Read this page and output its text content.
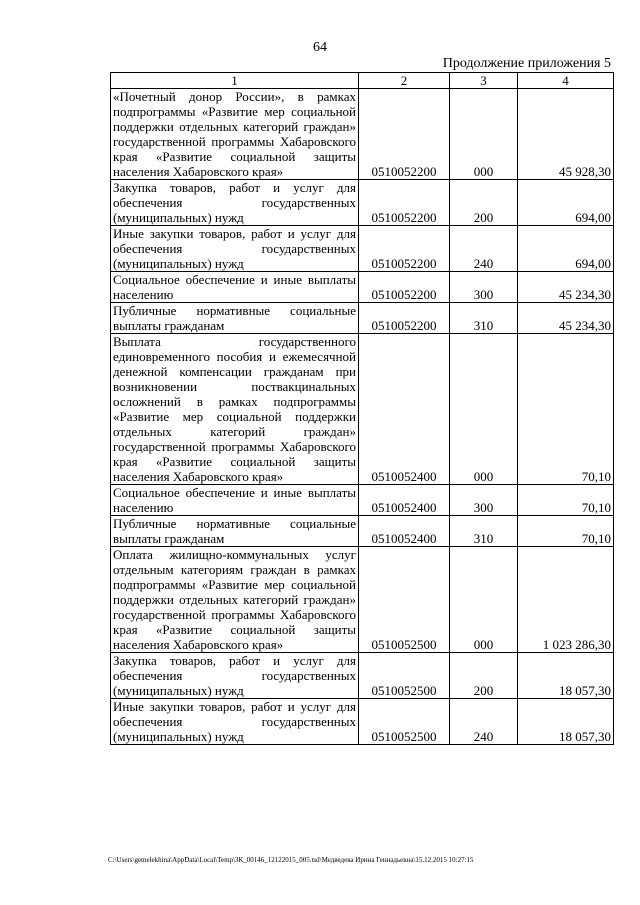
64
Продолжение приложения 5
1	2	3	4
«Почетный донор России», в рамках подпрограммы «Развитие мер социальной поддержки отдельных категорий граждан» государственной программы Хабаровского края «Развитие социальной защиты населения Хабаровского края»	0510052200	000	45 928,30
Закупка товаров, работ и услуг для обеспечения государственных (муниципальных) нужд	0510052200	200	694,00
Иные закупки товаров, работ и услуг для обеспечения государственных (муниципальных) нужд	0510052200	240	694,00
Социальное обеспечение и иные выплаты населению	0510052200	300	45 234,30
Публичные нормативные социальные выплаты гражданам	0510052200	310	45 234,30
Выплата государственного единовременного пособия и ежемесячной денежной компенсации гражданам при возникновении поствакцинальных осложнений в рамках подпрограммы «Развитие мер социальной поддержки отдельных категорий граждан» государственной программы Хабаровского края «Развитие социальной защиты населения Хабаровского края»	0510052400	000	70,10
Социальное обеспечение и иные выплаты населению	0510052400	300	70,10
Публичные нормативные социальные выплаты гражданам	0510052400	310	70,10
Оплата жилищно-коммунальных услуг отдельным категориям граждан в рамках подпрограммы «Развитие мер социальной поддержки отдельных категорий граждан» государственной программы Хабаровского края «Развитие социальной защиты населения Хабаровского края»	0510052500	000	1 023 286,30
Закупка товаров, работ и услуг для обеспечения государственных (муниципальных) нужд	0510052500	200	18 057,30
Иные закупки товаров, работ и услуг для обеспечения государственных (муниципальных) нужд	0510052500	240	18 057,30
C:\Users\gemelekhina\AppData\Local\Temp\ЗК_00146_12122015_005.tsd\Медведева Ирина Геннадьевна\15.12.2015 10:27:15
